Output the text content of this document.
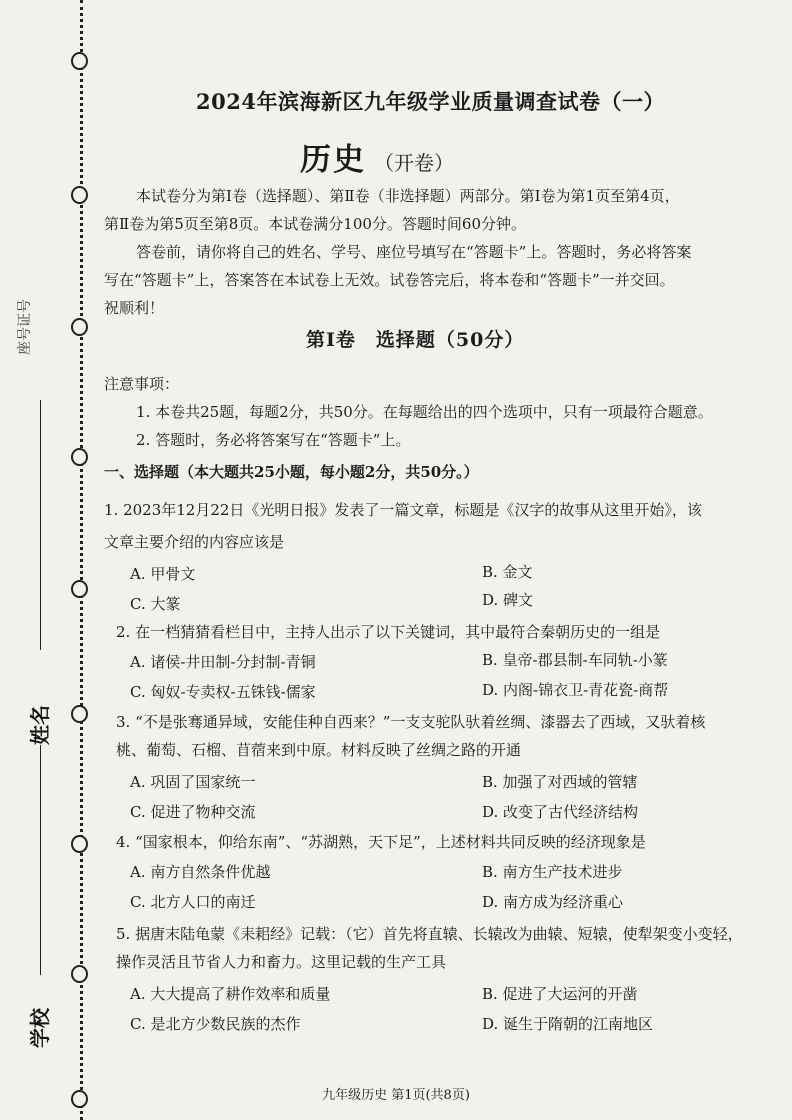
座号证号
姓名
学校
2024年滨海新区九年级学业质量调查试卷（一）
历史 （开卷）
本试卷分为第Ⅰ卷（选择题）、第Ⅱ卷（非选择题）两部分。第Ⅰ卷为第1页至第4页，
第Ⅱ卷为第5页至第8页。本试卷满分100分。答题时间60分钟。
答卷前，请你将自己的姓名、学号、座位号填写在“答题卡”上。答题时，务必将答案
写在“答题卡”上，答案答在本试卷上无效。试卷答完后，将本卷和“答题卡”一并交回。
祝顺利！
第Ⅰ卷　选择题（50分）
注意事项：
1. 本卷共25题，每题2分，共50分。在每题给出的四个选项中，只有一项最符合题意。
2. 答题时，务必将答案写在“答题卡”上。
一、选择题（本大题共25小题，每小题2分，共50分。）
1. 2023年12月22日《光明日报》发表了一篇文章，标题是《汉字的故事从这里开始》，该
文章主要介绍的内容应该是
A. 甲骨文	B. 金文
C. 大篆	D. 碑文
2. 在一档猜猜看栏目中，主持人出示了以下关键词，其中最符合秦朝历史的一组是
A. 诸侯-井田制-分封制-青铜	B. 皇帝-郡县制-车同轨-小篆
C. 匈奴-专卖权-五铢钱-儒家	D. 内阁-锦衣卫-青花瓷-商帮
3. “不是张骞通异域，安能佳种自西来？”一支支驼队驮着丝绸、漆器去了西域，又驮着核
桃、葡萄、石榴、苜蓿来到中原。材料反映了丝绸之路的开通
A. 巩固了国家统一	B. 加强了对西域的管辖
C. 促进了物种交流	D. 改变了古代经济结构
4. “国家根本，仰给东南”、“苏湖熟，天下足”，上述材料共同反映的经济现象是
A. 南方自然条件优越	B. 南方生产技术进步
C. 北方人口的南迁	D. 南方成为经济重心
5. 据唐末陆龟蒙《耒耜经》记载：（它）首先将直辕、长辕改为曲辕、短辕，使犁架变小变轻，
操作灵活且节省人力和畜力。这里记载的生产工具
A. 大大提高了耕作效率和质量	B. 促进了大运河的开凿
C. 是北方少数民族的杰作	D. 诞生于隋朝的江南地区
九年级历史 第1页(共8页)
